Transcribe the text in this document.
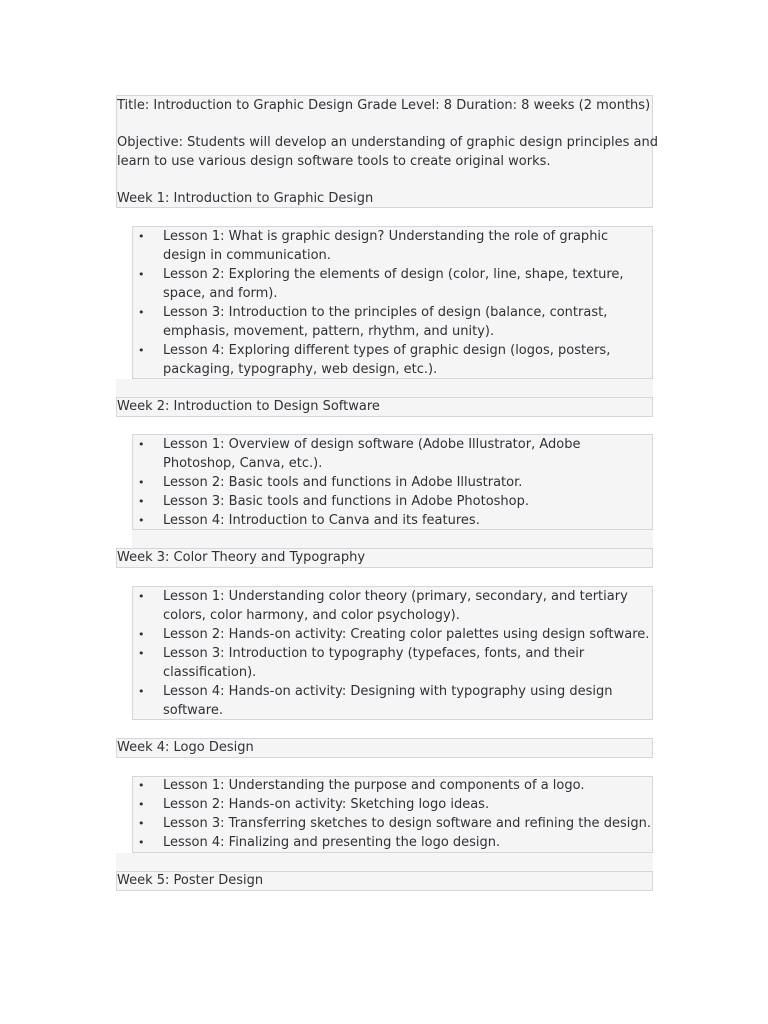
Title: Introduction to Graphic Design Grade Level: 8 Duration: 8 weeks (2 months)
Objective: Students will develop an understanding of graphic design principles and
learn to use various design software tools to create original works.
Week 1: Introduction to Graphic Design
• Lesson 1: What is graphic design? Understanding the role of graphic design in communication.
• Lesson 2: Exploring the elements of design (color, line, shape, texture, space, and form).
• Lesson 3: Introduction to the principles of design (balance, contrast, emphasis, movement, pattern, rhythm, and unity).
• Lesson 4: Exploring different types of graphic design (logos, posters, packaging, typography, web design, etc.).
Week 2: Introduction to Design Software
• Lesson 1: Overview of design software (Adobe Illustrator, Adobe Photoshop, Canva, etc.).
• Lesson 2: Basic tools and functions in Adobe Illustrator.
• Lesson 3: Basic tools and functions in Adobe Photoshop.
• Lesson 4: Introduction to Canva and its features.
Week 3: Color Theory and Typography
• Lesson 1: Understanding color theory (primary, secondary, and tertiary colors, color harmony, and color psychology).
• Lesson 2: Hands-on activity: Creating color palettes using design software.
• Lesson 3: Introduction to typography (typefaces, fonts, and their classification).
• Lesson 4: Hands-on activity: Designing with typography using design software.
Week 4: Logo Design
• Lesson 1: Understanding the purpose and components of a logo.
• Lesson 2: Hands-on activity: Sketching logo ideas.
• Lesson 3: Transferring sketches to design software and refining the design.
• Lesson 4: Finalizing and presenting the logo design.
Week 5: Poster Design
